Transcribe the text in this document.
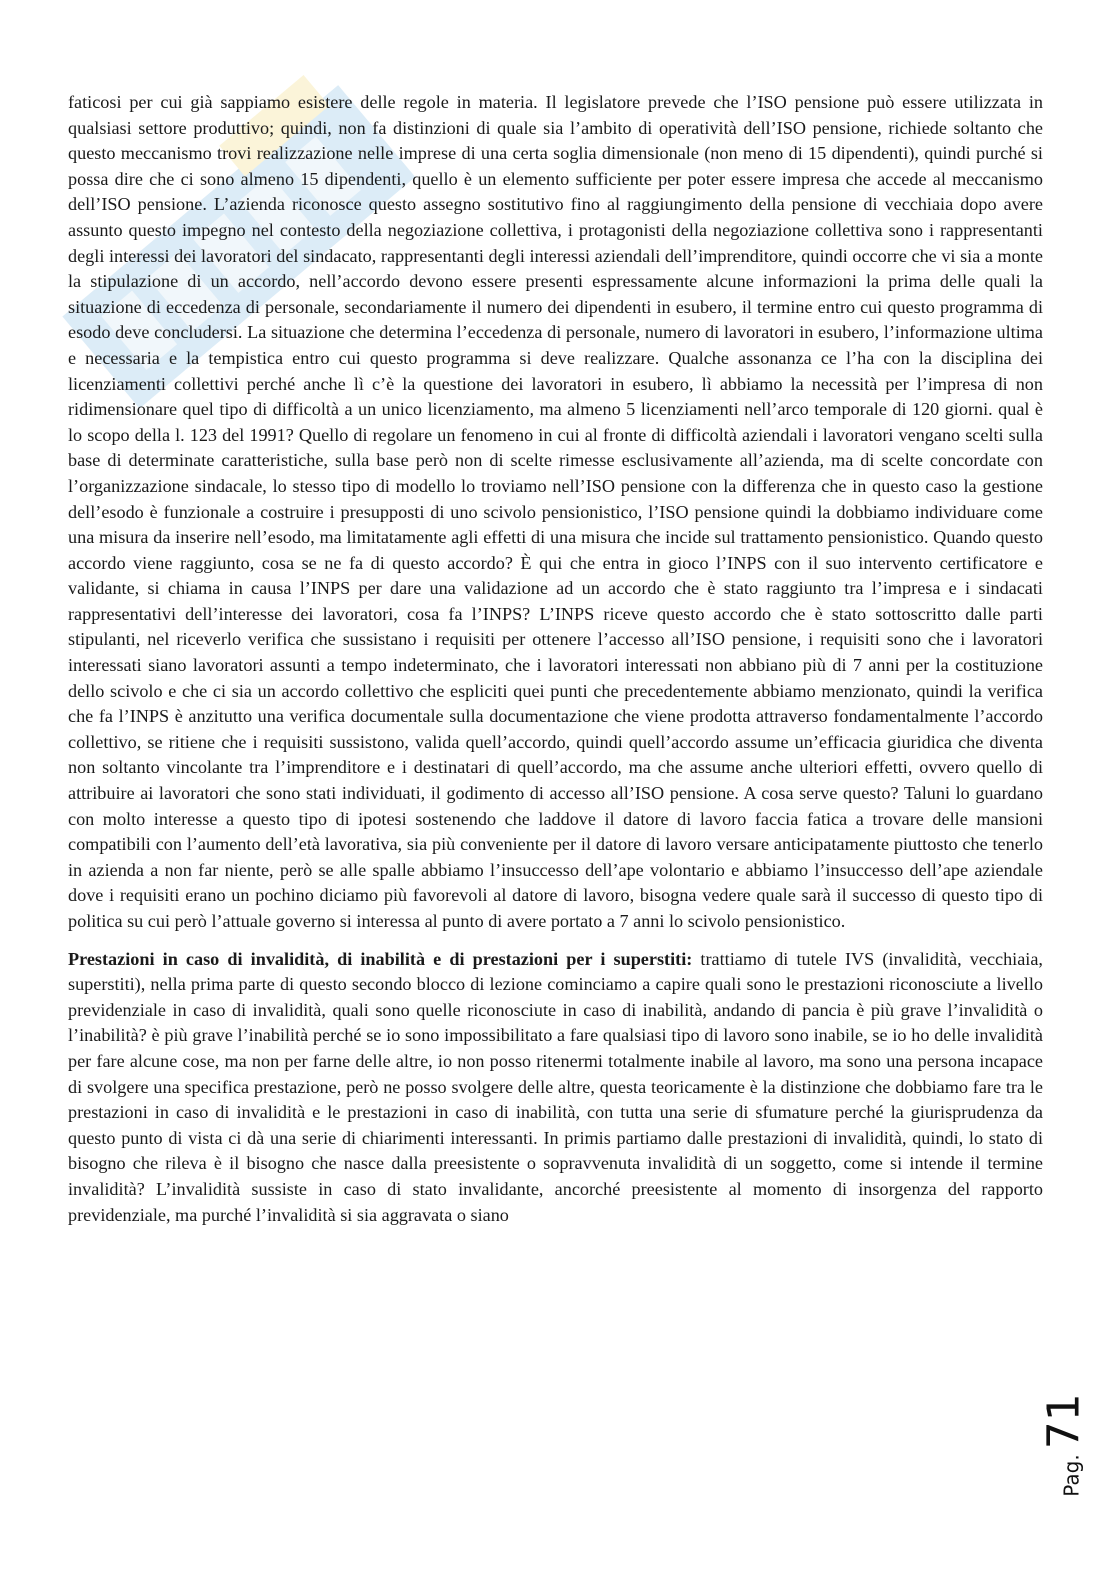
faticosi per cui già sappiamo esistere delle regole in materia. Il legislatore prevede che l’ISO pensione può essere utilizzata in qualsiasi settore produttivo; quindi, non fa distinzioni di quale sia l’ambito di operatività dell’ISO pensione, richiede soltanto che questo meccanismo trovi realizzazione nelle imprese di una certa soglia dimensionale (non meno di 15 dipendenti), quindi purché si possa dire che ci sono almeno 15 dipendenti, quello è un elemento sufficiente per poter essere impresa che accede al meccanismo dell’ISO pensione. L’azienda riconosce questo assegno sostitutivo fino al raggiungimento della pensione di vecchiaia dopo avere assunto questo impegno nel contesto della negoziazione collettiva, i protagonisti della negoziazione collettiva sono i rappresentanti degli interessi dei lavoratori del sindacato, rappresentanti degli interessi aziendali dell’imprenditore, quindi occorre che vi sia a monte la stipulazione di un accordo, nell’accordo devono essere presenti espressamente alcune informazioni la prima delle quali la situazione di eccedenza di personale, secondariamente il numero dei dipendenti in esubero, il termine entro cui questo programma di esodo deve concludersi. La situazione che determina l’eccedenza di personale, numero di lavoratori in esubero, l’informazione ultima e necessaria e la tempistica entro cui questo programma si deve realizzare. Qualche assonanza ce l’ha con la disciplina dei licenziamenti collettivi perché anche lì c’è la questione dei lavoratori in esubero, lì abbiamo la necessità per l’impresa di non ridimensionare quel tipo di difficoltà a un unico licenziamento, ma almeno 5 licenziamenti nell’arco temporale di 120 giorni. qual è lo scopo della l. 123 del 1991? Quello di regolare un fenomeno in cui al fronte di difficoltà aziendali i lavoratori vengano scelti sulla base di determinate caratteristiche, sulla base però non di scelte rimesse esclusivamente all’azienda, ma di scelte concordate con l’organizzazione sindacale, lo stesso tipo di modello lo troviamo nell’ISO pensione con la differenza che in questo caso la gestione dell’esodo è funzionale a costruire i presupposti di uno scivolo pensionistico, l’ISO pensione quindi la dobbiamo individuare come una misura da inserire nell’esodo, ma limitatamente agli effetti di una misura che incide sul trattamento pensionistico. Quando questo accordo viene raggiunto, cosa se ne fa di questo accordo? È qui che entra in gioco l’INPS con il suo intervento certificatore e validante, si chiama in causa l’INPS per dare una validazione ad un accordo che è stato raggiunto tra l’impresa e i sindacati rappresentativi dell’interesse dei lavoratori, cosa fa l’INPS? L’INPS riceve questo accordo che è stato sottoscritto dalle parti stipulanti, nel riceverlo verifica che sussistano i requisiti per ottenere l’accesso all’ISO pensione, i requisiti sono che i lavoratori interessati siano lavoratori assunti a tempo indeterminato, che i lavoratori interessati non abbiano più di 7 anni per la costituzione dello scivolo e che ci sia un accordo collettivo che espliciti quei punti che precedentemente abbiamo menzionato, quindi la verifica che fa l’INPS è anzitutto una verifica documentale sulla documentazione che viene prodotta attraverso fondamentalmente l’accordo collettivo, se ritiene che i requisiti sussistono, valida quell’accordo, quindi quell’accordo assume un’efficacia giuridica che diventa non soltanto vincolante tra l’imprenditore e i destinatari di quell’accordo, ma che assume anche ulteriori effetti, ovvero quello di attribuire ai lavoratori che sono stati individuati, il godimento di accesso all’ISO pensione. A cosa serve questo? Taluni lo guardano con molto interesse a questo tipo di ipotesi sostenendo che laddove il datore di lavoro faccia fatica a trovare delle mansioni compatibili con l’aumento dell’età lavorativa, sia più conveniente per il datore di lavoro versare anticipatamente piuttosto che tenerlo in azienda a non far niente, però se alle spalle abbiamo l’insuccesso dell’ape volontario e abbiamo l’insuccesso dell’ape aziendale dove i requisiti erano un pochino diciamo più favorevoli al datore di lavoro, bisogna vedere quale sarà il successo di questo tipo di politica su cui però l’attuale governo si interessa al punto di avere portato a 7 anni lo scivolo pensionistico.

Prestazioni in caso di invalidità, di inabilità e di prestazioni per i superstiti: trattiamo di tutele IVS (invalidità, vecchiaia, superstiti), nella prima parte di questo secondo blocco di lezione cominciamo a capire quali sono le prestazioni riconosciute a livello previdenziale in caso di invalidità, quali sono quelle riconosciute in caso di inabilità, andando di pancia è più grave l’invalidità o l’inabilità? è più grave l’inabilità perché se io sono impossibilitato a fare qualsiasi tipo di lavoro sono inabile, se io ho delle invalidità per fare alcune cose, ma non per farne delle altre, io non posso ritenermi totalmente inabile al lavoro, ma sono una persona incapace di svolgere una specifica prestazione, però ne posso svolgere delle altre, questa teoricamente è la distinzione che dobbiamo fare tra le prestazioni in caso di invalidità e le prestazioni in caso di inabilità, con tutta una serie di sfumature perché la giurisprudenza da questo punto di vista ci dà una serie di chiarimenti interessanti. In primis partiamo dalle prestazioni di invalidità, quindi, lo stato di bisogno che rileva è il bisogno che nasce dalla preesistente o sopravvenuta invalidità di un soggetto, come si intende il termine invalidità? L’invalidità sussiste in caso di stato invalidante, ancorché preesistente al momento di insorgenza del rapporto previdenziale, ma purché l’invalidità si sia aggravata o siano

Pag. 71
